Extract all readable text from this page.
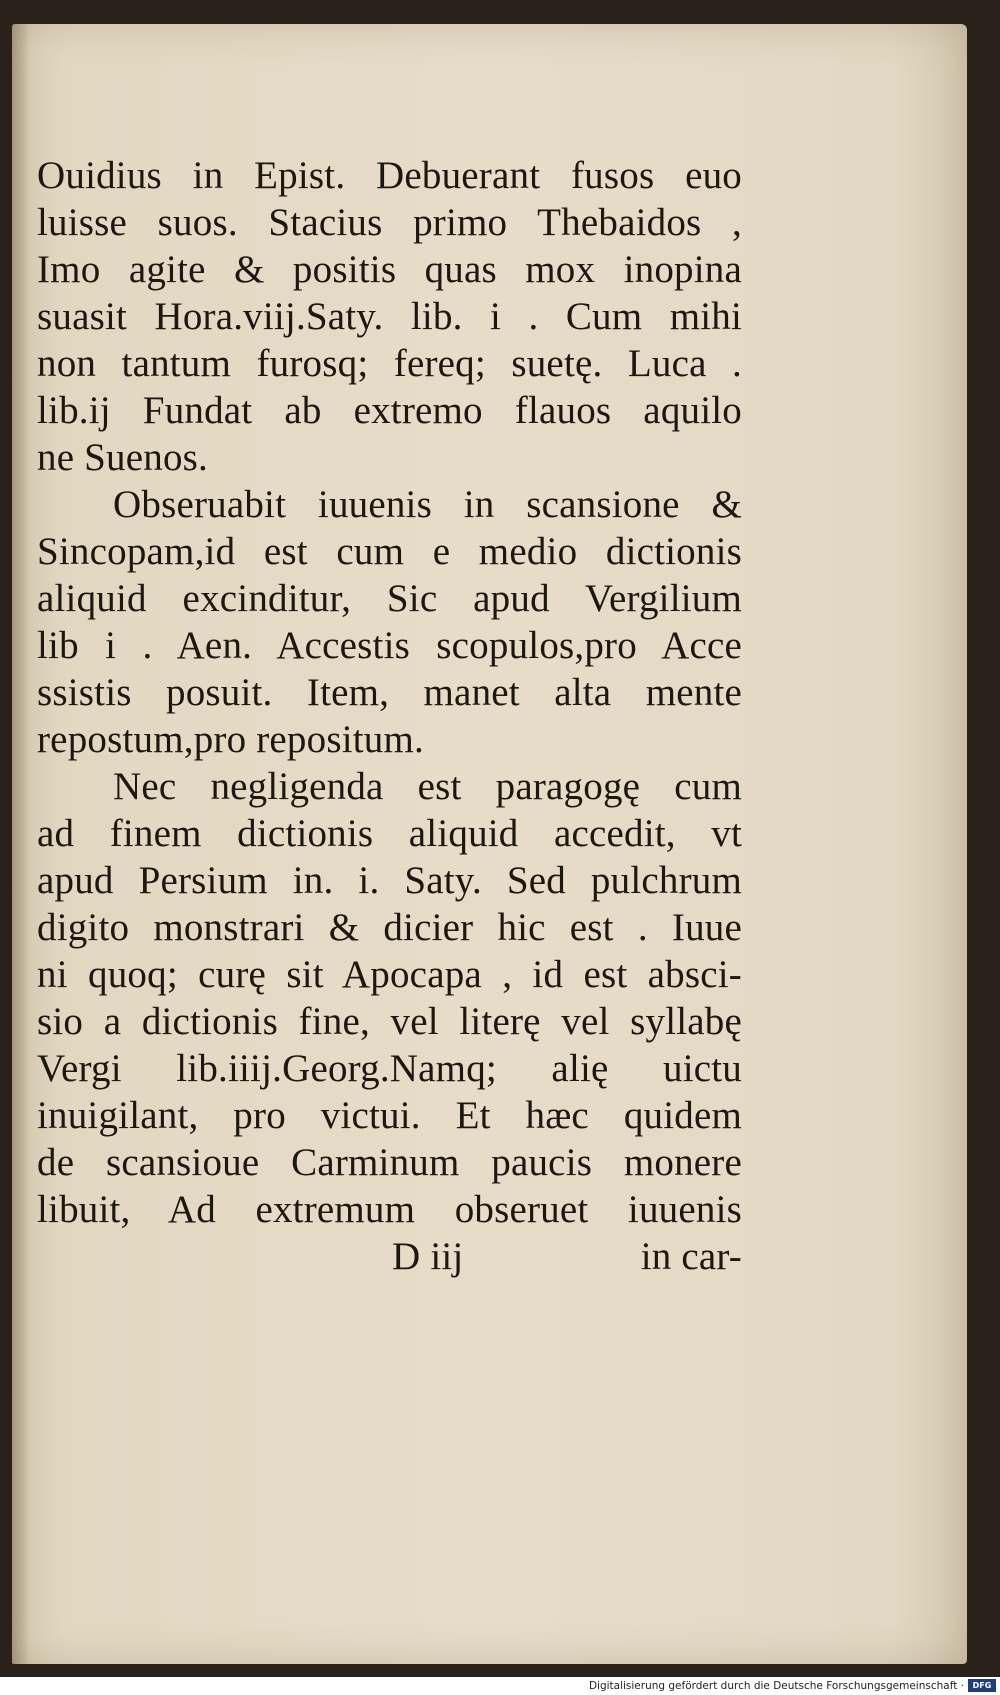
Ouidius in Epist. Debuerant fusos euo
luisse suos. Stacius primo Thebaidos ,
Imo agite & positis quas mox inopina
suasit Hora.viij.Saty. lib. i . Cum mihi
non tantum furosq; fereq; suetę. Luca .
lib.ij Fundat ab extremo flauos aquilo
ne Suenos.
Obseruabit iuuenis in scansione &
Sincopam,id est cum e medio dictionis
aliquid excinditur, Sic apud Vergilium
lib i . Aen. Accestis scopulos,pro Acce
ssistis posuit. Item, manet alta mente
repostum,pro repositum.
Nec negligenda est paragogę cum
ad finem dictionis aliquid accedit, vt
apud Persium in. i. Saty. Sed pulchrum
digito monstrari & dicier hic est . Iuue
ni quoq; curę sit Apocapa , id est absci-
sio a dictionis fine, vel literę vel syllabę
Vergi lib.iiij.Georg.Namq; alię uictu
inuigilant, pro victui. Et hæc quidem
de scansioue Carminum paucis monere
libuit, Ad extremum obseruet iuuenis
D iij	in car-
Digitalisierung gefördert durch die Deutsche Forschungsgemeinschaft ·	DFG
